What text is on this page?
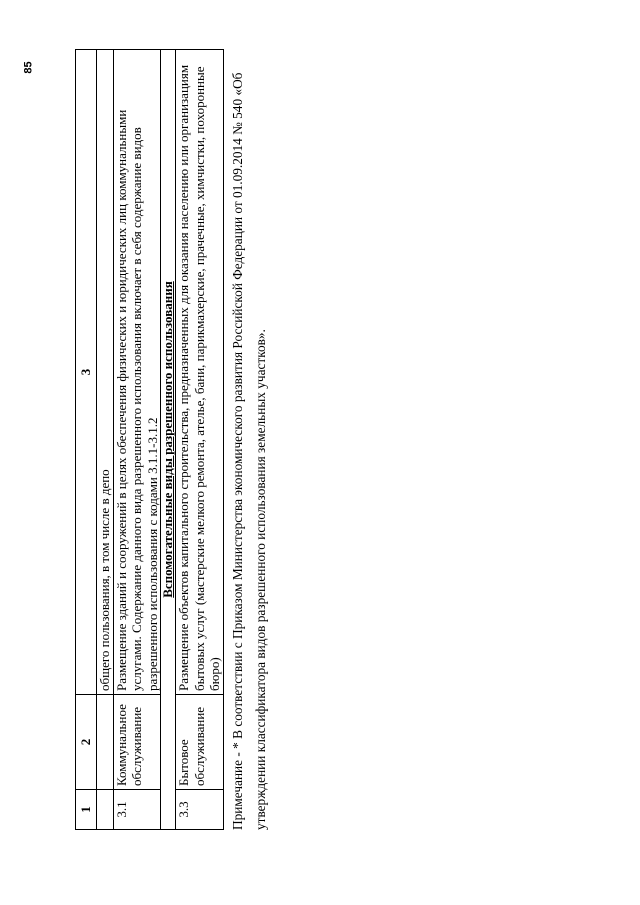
85
1	2	3
		общего пользования, в том числе в депо
3.1	Коммунальное обслуживание	Размещение зданий и сооружений в целях обеспечения физических и юридических лиц коммунальными услугами. Содержание данного вида разрешенного использования включает в себя содержание видов разрешенного использования с кодами 3.1.1-3.1.2
Вспомогательные виды разрешенного использования		
3.3	Бытовое обслуживание	Размещение объектов капитального строительства, предназначенных для оказания населению или организациям бытовых услуг (мастерские мелкого ремонта, ателье, бани, парикмахерские, прачечные, химчистки, похоронные бюро) Примечание - * В соответствии с Приказом Министерства экономического развития Российской Федерации от 01.09.2014 № 540 «Об утверждении классификатора видов разрешенного использования земельных участков».
